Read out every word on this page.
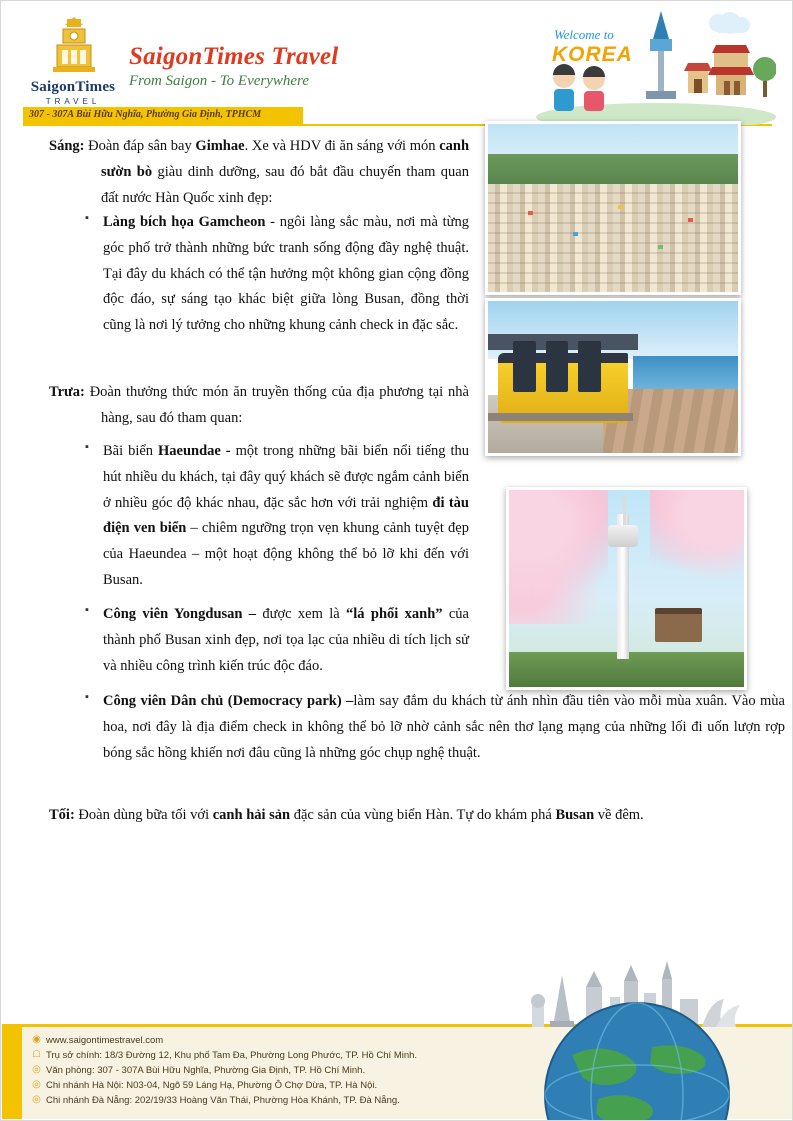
SaigonTimes
TRAVEL
SaigonTimes Travel
From Saigon - To Everywhere
307 - 307A Bùi Hữu Nghĩa, Phường Gia Định, TPHCM
Welcome to
KOREA

Sáng: Đoàn đáp sân bay Gimhae. Xe và HDV đi ăn sáng với món canh sườn bò giàu dinh dưỡng, sau đó bắt đầu chuyến tham quan đất nước Hàn Quốc xinh đẹp:

▪ Làng bích họa Gamcheon - ngôi làng sắc màu, nơi mà từng góc phố trở thành những bức tranh sống động đầy nghệ thuật. Tại đây du khách có thể tận hưởng một không gian cộng đồng độc đáo, sự sáng tạo khác biệt giữa lòng Busan, đồng thời cũng là nơi lý tưởng cho những khung cảnh check in đặc sắc.

Trưa: Đoàn thưởng thức món ăn truyền thống của địa phương tại nhà hàng, sau đó tham quan:

▪ Bãi biển Haeundae - một trong những bãi biển nổi tiếng thu hút nhiều du khách, tại đây quý khách sẽ được ngắm cảnh biển ở nhiều góc độ khác nhau, đặc sắc hơn với trải nghiệm đi tàu điện ven biển – chiêm ngưỡng trọn vẹn khung cảnh tuyệt đẹp của Haeundea – một hoạt động không thể bỏ lỡ khi đến với Busan.
▪ Công viên Yongdusan – được xem là “lá phổi xanh” của thành phố Busan xinh đẹp, nơi tọa lạc của nhiều di tích lịch sử và nhiều công trình kiến trúc độc đáo.
▪ Công viên Dân chủ (Democracy park) –làm say đắm du khách từ ánh nhìn đầu tiên vào mỗi mùa xuân. Vào mùa hoa, nơi đây là địa điểm check in không thể bỏ lỡ nhờ cảnh sắc nên thơ lạng mạng của những lối đi uốn lượn rợp bóng sắc hồng khiến nơi đâu cũng là những góc chụp nghệ thuật.

Tối: Đoàn dùng bữa tối với canh hải sản đặc sản của vùng biển Hàn. Tự do khám phá Busan về đêm.

◉ www.saigontimestravel.com
☖ Trụ sở chính: 18/3 Đường 12, Khu phố Tam Đa, Phường Long Phước, TP. Hồ Chí Minh.
◎ Văn phòng: 307 - 307A Bùi Hữu Nghĩa, Phường Gia Định, TP. Hồ Chí Minh.
◎ Chi nhánh Hà Nội: N03-04, Ngõ 59 Láng Hạ, Phường Ô Chợ Dừa, TP. Hà Nội.
◎ Chi nhánh Đà Nẵng: 202/19/33 Hoàng Văn Thái, Phường Hòa Khánh, TP. Đà Nẵng.
